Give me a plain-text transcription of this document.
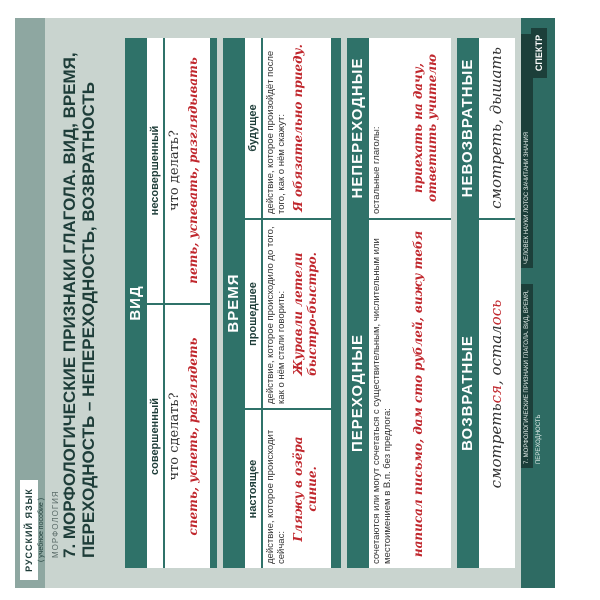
РУССКИЙ ЯЗЫК ( учебное пособие ) МОРФОЛОГИЯ 7. МОРФОЛОГИЧЕСКИЕ ПРИЗНАКИ ГЛАГОЛА. ВИД, ВРЕМЯ, ПЕРЕХОДНОСТЬ – НЕПЕРЕХОДНОСТЬ, ВОЗВРАТНОСТЬ ВИД
совершенный
несовершенный
что сделать?
что делать?
спеть, успеть, разглядеть
петь, успевать, разглядывать
ВРЕМЯ
настоящее
прошедшее
будущее
действие, которое происходит сейчас:
действие, которое происходило до того, как о нём стали говорить:
действие, которое произойдёт после того, как о нём скажут:
Гляжу в озёра синие.
Журавли летели быстро-быстро.
Я обязательно приеду.
ПЕРЕХОДНЫЕ
НЕПЕРЕХОДНЫЕ
сочетаются или могут сочетаться с существительным, числительным или местоимением в В.п. без предлога:
остальные глаголы:
написал письмо, дам сто рублей, вижу тебя
приехать на дачу, ответить учителю
ВОЗВРАТНЫЕ
НЕВОЗВРАТНЫЕ
смотреться, осталось
смотреть, дышать
7. МОРФОЛОГИЧЕСКИЕ ПРИЗНАКИ ГЛАГОЛА. ВИД, ВРЕМЯ, ПЕРЕХОДНОСТЬ
ЧЕЛОВЕК НАУКИ ЛОТОС ЗАЧИТАНИ ЗНАНИЯ
СПЕКТР
